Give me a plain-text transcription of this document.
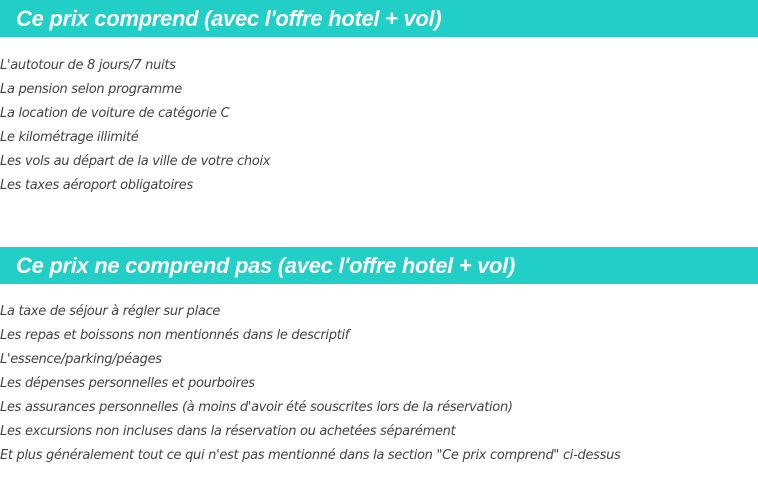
Ce prix comprend (avec l'offre hotel + vol)
L'autotour de 8 jours/7 nuits
La pension selon programme
La location de voiture de catégorie C
Le kilométrage illimité
Les vols au départ de la ville de votre choix
Les taxes aéroport obligatoires
Ce prix ne comprend pas (avec l'offre hotel + vol)
La taxe de séjour à régler sur place
Les repas et boissons non mentionnés dans le descriptif
L'essence/parking/péages
Les dépenses personnelles et pourboires
Les assurances personnelles (à moins d'avoir été souscrites lors de la réservation)
Les excursions non incluses dans la réservation ou achetées séparément
Et plus généralement tout ce qui n'est pas mentionné dans la section "Ce prix comprend" ci-dessus
